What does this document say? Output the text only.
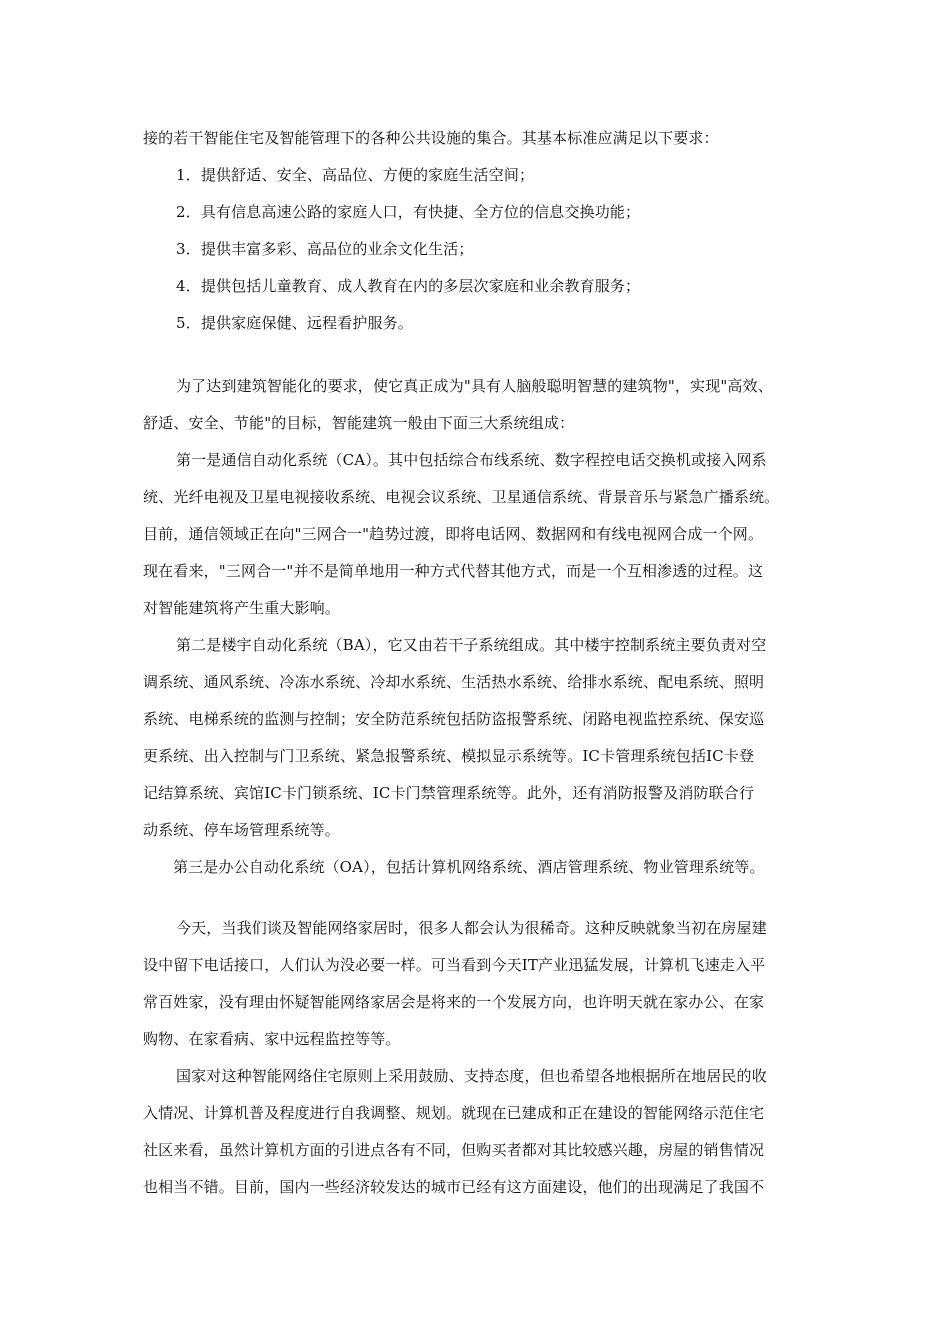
接的若干智能住宅及智能管理下的各种公共设施的集合。其基本标准应满足以下要求：
1．提供舒适、安全、高品位、方便的家庭生活空间；
2．具有信息高速公路的家庭人口，有快捷、全方位的信息交换功能；
3．提供丰富多彩、高品位的业余文化生活；
4．提供包括儿童教育、成人教育在内的多层次家庭和业余教育服务；
5．提供家庭保健、远程看护服务。
为了达到建筑智能化的要求，使它真正成为"具有人脑般聪明智慧的建筑物"，实现"高效、
舒适、安全、节能"的目标，智能建筑一般由下面三大系统组成：
第一是通信自动化系统（CA）。其中包括综合布线系统、数字程控电话交换机或接入网系
统、光纤电视及卫星电视接收系统、电视会议系统、卫星通信系统、背景音乐与紧急广播系统。
目前，通信领域正在向"三网合一"趋势过渡，即将电话网、数据网和有线电视网合成一个网。
现在看来，"三网合一"并不是简单地用一种方式代替其他方式，而是一个互相渗透的过程。这
对智能建筑将产生重大影响。
第二是楼宇自动化系统（BA），它又由若干子系统组成。其中楼宇控制系统主要负责对空
调系统、通风系统、冷冻水系统、冷却水系统、生活热水系统、给排水系统、配电系统、照明
系统、电梯系统的监测与控制；安全防范系统包括防盗报警系统、闭路电视监控系统、保安巡
更系统、出入控制与门卫系统、紧急报警系统、模拟显示系统等。IC卡管理系统包括IC卡登
记结算系统、宾馆IC卡门锁系统、IC卡门禁管理系统等。此外，还有消防报警及消防联合行
动系统、停车场管理系统等。
第三是办公自动化系统（OA），包括计算机网络系统、酒店管理系统、物业管理系统等。
今天，当我们谈及智能网络家居时，很多人都会认为很稀奇。这种反映就象当初在房屋建
设中留下电话接口，人们认为没必要一样。可当看到今天IT产业迅猛发展，计算机飞速走入平
常百姓家，没有理由怀疑智能网络家居会是将来的一个发展方向，也许明天就在家办公、在家
购物、在家看病、家中远程监控等等。
国家对这种智能网络住宅原则上采用鼓励、支持态度，但也希望各地根据所在地居民的收
入情况、计算机普及程度进行自我调整、规划。就现在已建成和正在建设的智能网络示范住宅
社区来看，虽然计算机方面的引进点各有不同，但购买者都对其比较感兴趣，房屋的销售情况
也相当不错。目前，国内一些经济较发达的城市已经有这方面建设，他们的出现满足了我国不
